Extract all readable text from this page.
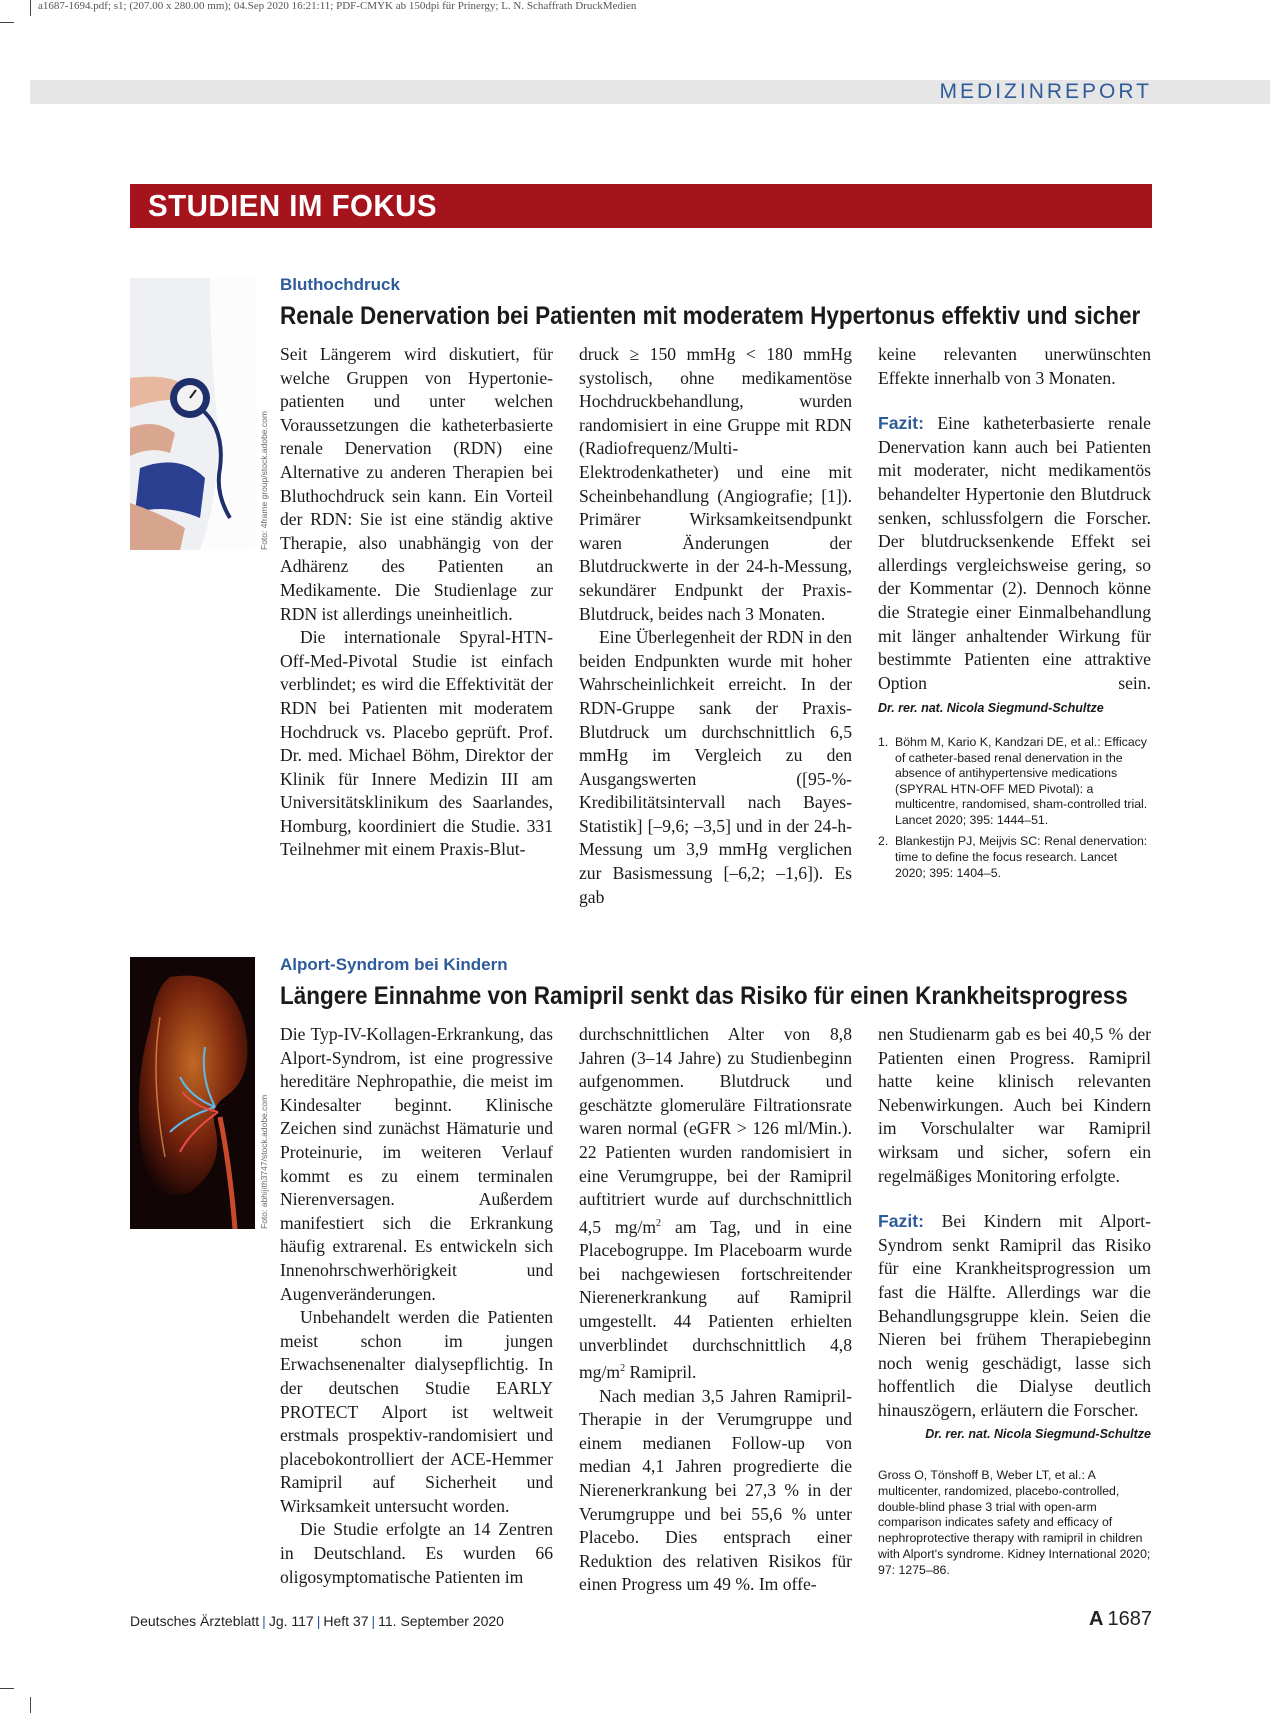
a1687-1694.pdf; s1; (207.00 x 280.00 mm); 04.Sep 2020 16:21:11; PDF-CMYK ab 150dpi für Prinergy; L. N. Schaffrath DruckMedien
MEDIZINREPORT
STUDIEN IM FOKUS
Foto: 4frame group/stock.adobe.com
Bluthochdruck
Renale Denervation bei Patienten mit moderatem Hypertonus effektiv und sicher

Seit Längerem wird diskutiert, für welche Gruppen von Hypertonie-patienten und unter welchen Voraussetzungen die katheterbasierte renale Denervation (RDN) eine Alternative zu anderen Therapien bei Bluthochdruck sein kann. Ein Vorteil der RDN: Sie ist eine ständig aktive Therapie, also unabhängig von der Adhärenz des Patienten an Medikamente. Die Studienlage zur RDN ist allerdings uneinheitlich.

Die internationale Spyral-HTN-Off-Med-Pivotal Studie ist einfach verblindet; es wird die Effektivität der RDN bei Patienten mit moderatem Hochdruck vs. Placebo geprüft. Prof. Dr. med. Michael Böhm, Direktor der Klinik für Innere Medizin III am Universitätsklinikum des Saarlandes, Homburg, koordiniert die Studie. 331 Teilnehmer mit einem Praxis-Blut-

druck ≥ 150 mmHg < 180 mmHg systolisch, ohne medikamentöse Hochdruckbehandlung, wurden randomisiert in eine Gruppe mit RDN (Radiofrequenz/Multi-Elektrodenkatheter) und eine mit Scheinbehandlung (Angiografie; [1]). Primärer Wirksamkeitsendpunkt waren Änderungen der Blutdruckwerte in der 24-h-Messung, sekundärer Endpunkt der Praxis-Blutdruck, beides nach 3 Monaten.

Eine Überlegenheit der RDN in den beiden Endpunkten wurde mit hoher Wahrscheinlichkeit erreicht. In der RDN-Gruppe sank der Praxis-Blutdruck um durchschnittlich 6,5 mmHg im Vergleich zu den Ausgangswerten ([95-%-Kredibilitätsintervall nach Bayes-Statistik] [–9,6; –3,5] und in der 24-h-Messung um 3,9 mmHg verglichen zur Basismessung [–6,2; –1,6]). Es gab

keine relevanten unerwünschten Effekte innerhalb von 3 Monaten.

Fazit: Eine katheterbasierte renale Denervation kann auch bei Patienten mit moderater, nicht medikamentös behandelter Hypertonie den Blutdruck senken, schlussfolgern die Forscher. Der blutdrucksenkende Effekt sei allerdings vergleichsweise gering, so der Kommentar (2). Dennoch könne die Strategie einer Einmalbehandlung mit länger anhaltender Wirkung für bestimmte Patienten eine attraktive Option sein. Dr. rer. nat. Nicola Siegmund-Schultze

1. Böhm M, Kario K, Kandzari DE, et al.: Efficacy of catheter-based renal denervation in the absence of antihypertensive medications (SPYRAL HTN-OFF MED Pivotal): a multicentre, randomised, sham-controlled trial. Lancet 2020; 395: 1444–51.
2. Blankestijn PJ, Meijvis SC: Renal denervation: time to define the focus research. Lancet 2020; 395: 1404–5.
Foto: abhijith3747/stock.adobe.com
Alport-Syndrom bei Kindern
Längere Einnahme von Ramipril senkt das Risiko für einen Krankheitsprogress

Die Typ-IV-Kollagen-Erkrankung, das Alport-Syndrom, ist eine progressive hereditäre Nephropathie, die meist im Kindesalter beginnt. Klinische Zeichen sind zunächst Hämaturie und Proteinurie, im weiteren Verlauf kommt es zu einem terminalen Nierenversagen. Außerdem manifestiert sich die Erkrankung häufig extrarenal. Es entwickeln sich Innenohrschwerhörigkeit und Augenveränderungen.

Unbehandelt werden die Patienten meist schon im jungen Erwachsenenalter dialysepflichtig. In der deutschen Studie EARLY PROTECT Alport ist weltweit erstmals prospektiv-randomisiert und placebokontrolliert der ACE-Hemmer Ramipril auf Sicherheit und Wirksamkeit untersucht worden.

Die Studie erfolgte an 14 Zentren in Deutschland. Es wurden 66 oligosymptomatische Patienten im

durchschnittlichen Alter von 8,8 Jahren (3–14 Jahre) zu Studienbeginn aufgenommen. Blutdruck und geschätzte glomeruläre Filtrationsrate waren normal (eGFR > 126 ml/Min.). 22 Patienten wurden randomisiert in eine Verumgruppe, bei der Ramipril auftitriert wurde auf durchschnittlich 4,5 $mg/m^2$ am Tag, und in eine Placebogruppe. Im Placeboarm wurde bei nachgewiesen fortschreitender Nierenerkrankung auf Ramipril umgestellt. 44 Patienten erhielten unverblindet durchschnittlich 4,8 $mg/m^2$ Ramipril.

Nach median 3,5 Jahren Ramipril-Therapie in der Verumgruppe und einem medianen Follow-up von median 4,1 Jahren progredierte die Nierenerkrankung bei 27,3 % in der Verumgruppe und bei 55,6 % unter Placebo. Dies entsprach einer Reduktion des relativen Risikos für einen Progress um 49 %. Im offe-

nen Studienarm gab es bei 40,5 % der Patienten einen Progress. Ramipril hatte keine klinisch relevanten Nebenwirkungen. Auch bei Kindern im Vorschulalter war Ramipril wirksam und sicher, sofern ein regelmäßiges Monitoring erfolgte.

Fazit: Bei Kindern mit Alport-Syndrom senkt Ramipril das Risiko für eine Krankheitsprogression um fast die Hälfte. Allerdings war die Behandlungsgruppe klein. Seien die Nieren bei frühem Therapiebeginn noch wenig geschädigt, lasse sich hoffentlich die Dialyse deutlich hinauszögern, erläutern die Forscher.

Dr. rer. nat. Nicola Siegmund-Schultze
Gross O, Tönshoff B, Weber LT, et al.: A multicenter, randomized, placebo-controlled, double-blind phase 3 trial with open-arm comparison indicates safety and efficacy of nephroprotective therapy with ramipril in children with Alport's syndrome. Kidney International 2020; 97: 1275–86.
Deutsches Ärzteblatt | Jg. 117 | Heft 37 | 11. September 2020	A 1687
